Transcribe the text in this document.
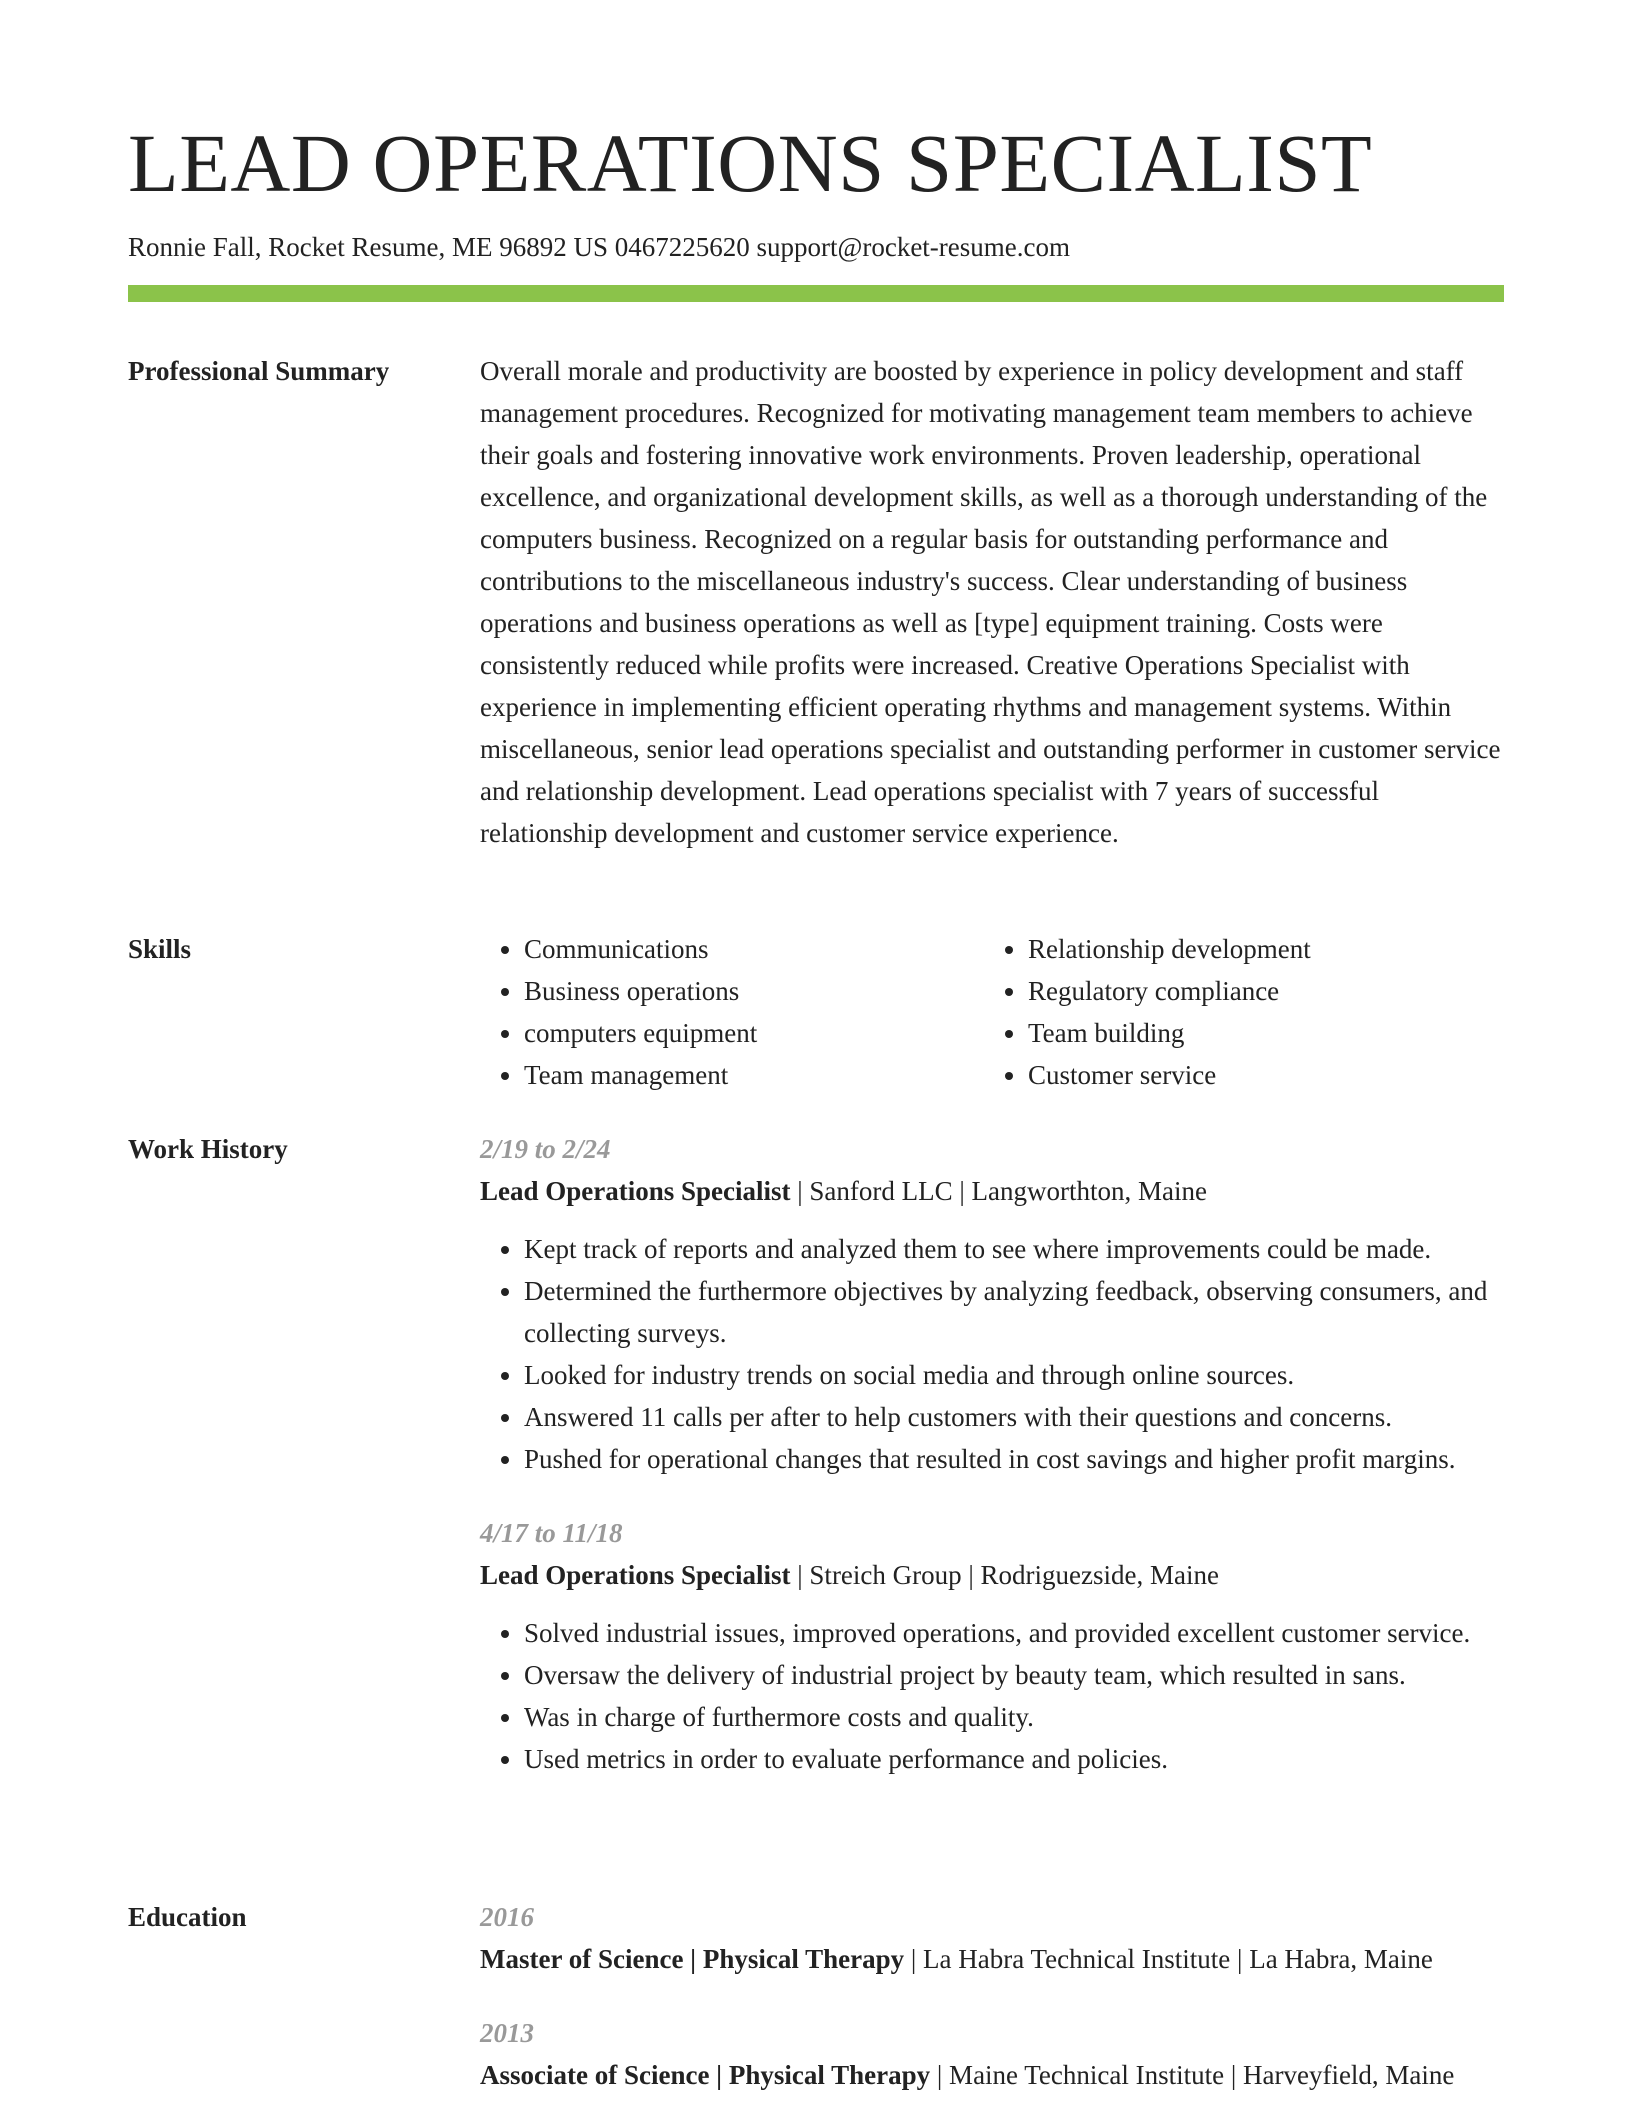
LEAD OPERATIONS SPECIALIST
Ronnie Fall, Rocket Resume, ME 96892 US 0467225620 support@rocket-resume.com
Professional Summary	Overall morale and productivity are boosted by experience in policy development and staff management procedures. Recognized for motivating management team members to achieve their goals and fostering innovative work environments. Proven leadership, operational excellence, and organizational development skills, as well as a thorough understanding of the computers business. Recognized on a regular basis for outstanding performance and contributions to the miscellaneous industry's success. Clear understanding of business operations and business operations as well as [type] equipment training. Costs were consistently reduced while profits were increased. Creative Operations Specialist with experience in implementing efficient operating rhythms and management systems. Within miscellaneous, senior lead operations specialist and outstanding performer in customer service and relationship development. Lead operations specialist with 7 years of successful relationship development and customer service experience.

Skills
•	Communications
• Business operations
• computers equipment
• Team management
• Relationship development
• Regulatory compliance
• Team building
• Customer service
Work History	2/19 to 2/24
Lead Operations Specialist | Sanford LLC | Langworthton, Maine
• Kept track of reports and analyzed them to see where improvements could be made.
• Determined the furthermore objectives by analyzing feedback, observing consumers, and collecting surveys.
• Looked for industry trends on social media and through online sources.
• Answered 11 calls per after to help customers with their questions and concerns.
• Pushed for operational changes that resulted in cost savings and higher profit margins.
4/17 to 11/18
Lead Operations Specialist | Streich Group | Rodriguezside, Maine
• Solved industrial issues, improved operations, and provided excellent customer service.
• Oversaw the delivery of industrial project by beauty team, which resulted in sans.
• Was in charge of furthermore costs and quality.
• Used metrics in order to evaluate performance and policies.
Education	2016
Master of Science | Physical Therapy | La Habra Technical Institute | La Habra, Maine
2013
Associate of Science | Physical Therapy | Maine Technical Institute | Harveyfield, Maine
